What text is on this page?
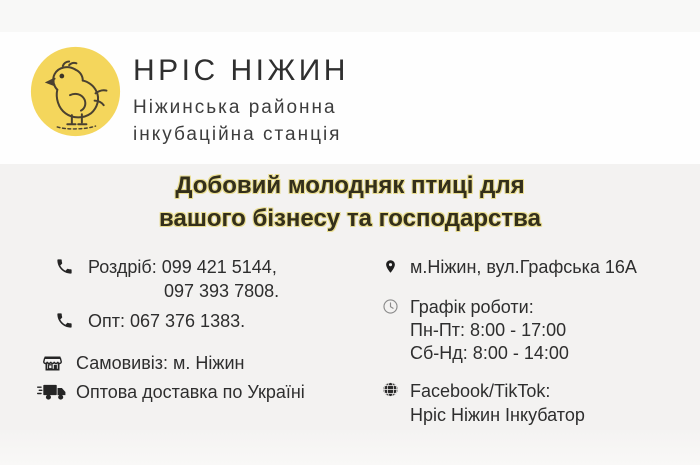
НРІС НІЖИН
Ніжинська районна
інкубаційна станція
Добовий молодняк птиці для
вашого бізнесу та господарства
Роздріб: 099 421 5144,
097 393 7808.
Опт: 067 376 1383.
Самовивіз: м. Ніжин
Оптова доставка по Україні
м.Ніжин, вул.Графська 16А
Графік роботи:
Пн-Пт: 8:00 - 17:00
Сб-Нд: 8:00 - 14:00
Facebook/TikTok:
Нріс Ніжин Інкубатор
